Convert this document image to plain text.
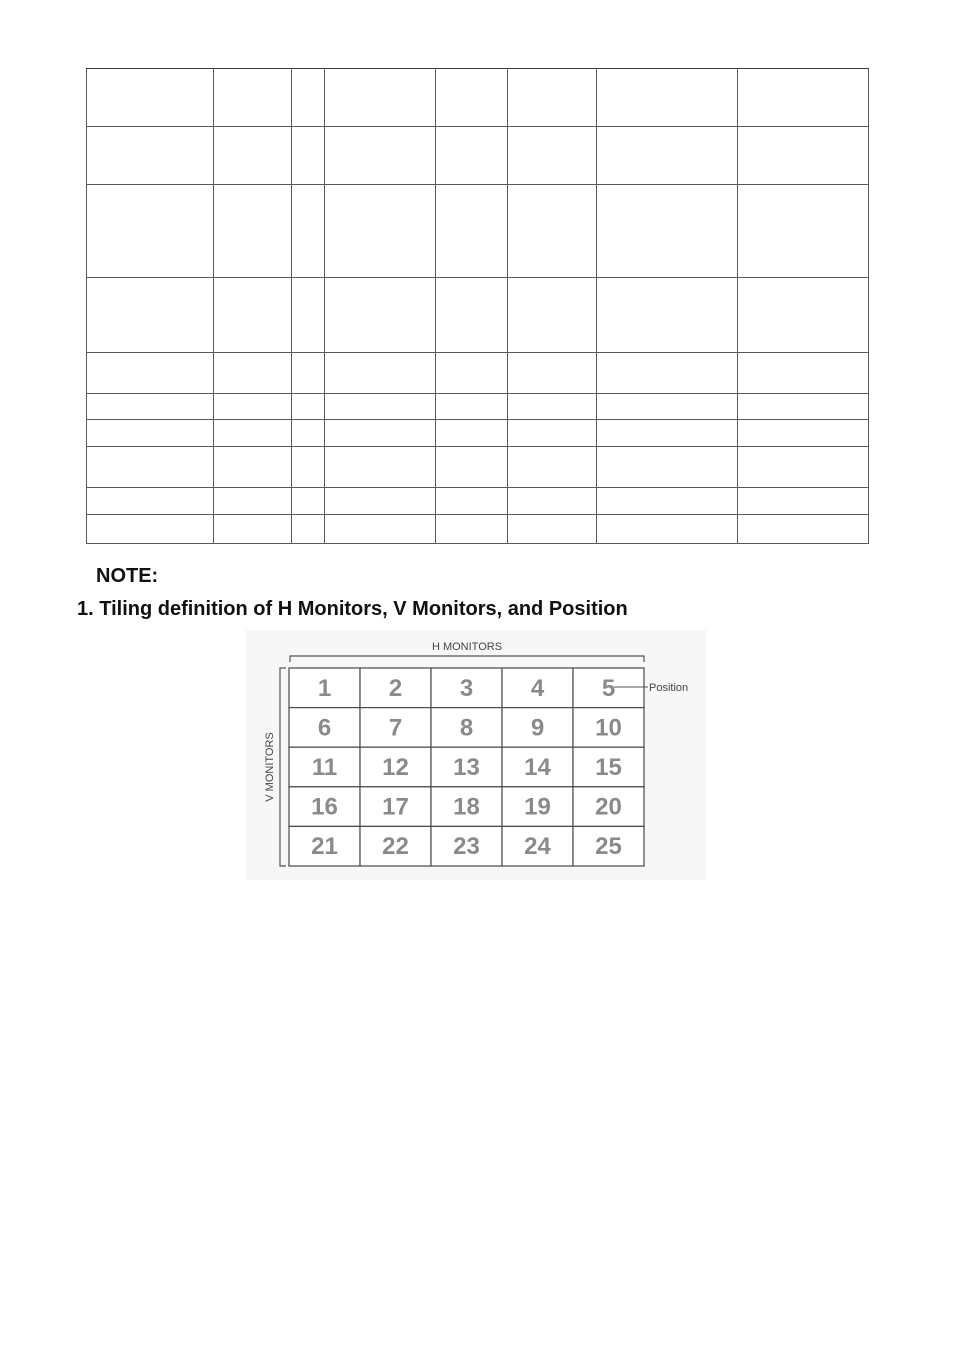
NOTE:

1. Tiling definition of H Monitors, V Monitors, and Position

H MONITORS
V MONITORS
1 2 3 4 5
6 7 8 9 10
11 12 13 14 15
16 17 18 19 20
21 22 23 24 25
Position
